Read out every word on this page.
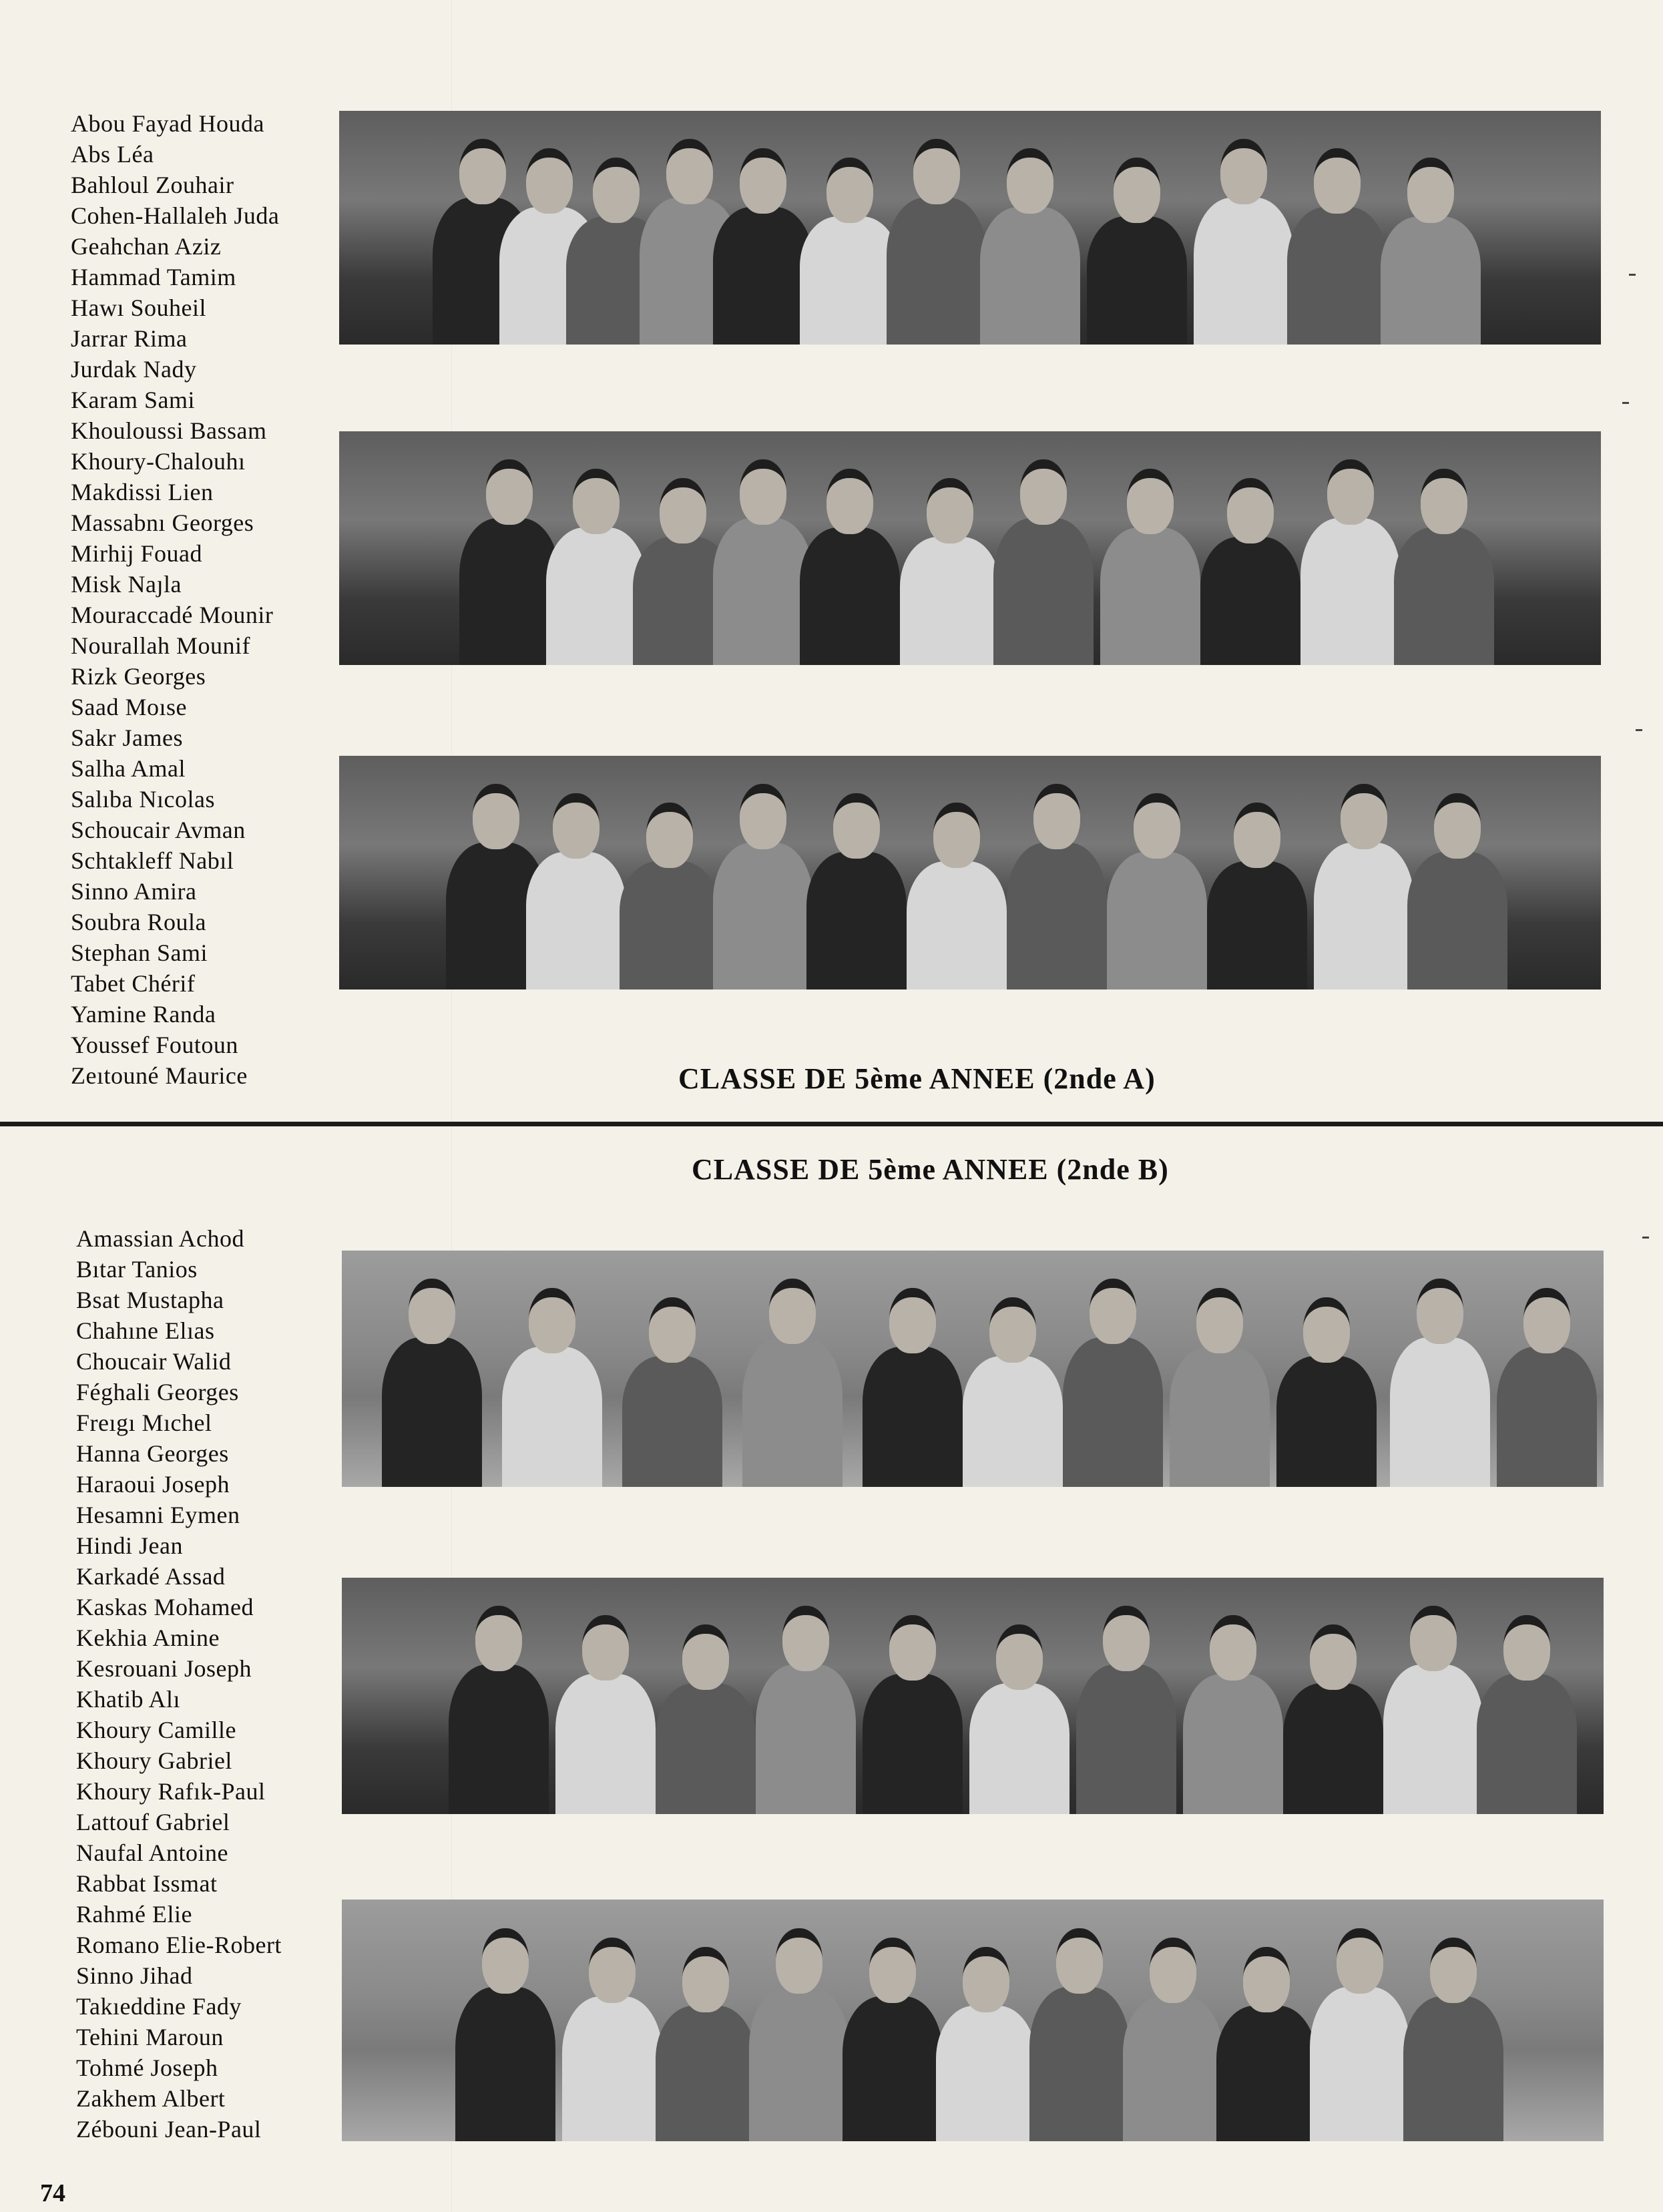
Abou Fayad Houda
Abs Léa
Bahloul Zouhair
Cohen-Hallaleh Juda
Geahchan Aziz
Hammad Tamim
Hawı Souheil
Jarrar Rima
Jurdak Nady
Karam Sami
Khouloussi Bassam
Khoury-Chalouhı
Makdissi Lien
Massabnı Georges
Mirhij Fouad
Misk Naȷla
Mouraccadé Mounir
Nourallah Mounif
Rizk Georges
Saad Moıse
Sakr James
Salha Amal
Salıba Nıcolas
Schoucair Avman
Schtakleff Nabıl
Sinno Amira
Soubra Roula
Stephan Sami
Tabet Chérif
Yamine Randa
Youssef Foutoun
Zeıtouné Maurice	CLASSE DE 5ème ANNEE (2nde A)
CLASSE DE 5ème ANNEE (2nde B)
Amassian Achod
Bıtar Tanios
Bsat Mustapha
Chahıne Elıas
Choucair Walid
Féghali Georges
Freıgı Mıchel
Hanna Georges
Haraoui Joseph
Hesamni Eymen
Hindi Jean
Karkadé Assad
Kaskas Mohamed
Kekhia Amine
Kesrouani Joseph
Khatib Alı
Khoury Camille
Khoury Gabriel
Khoury Rafık-Paul
Lattouf Gabriel
Naufal Antoine
Rabbat Issmat
Rahmé Elie
Romano Elie-Robert
Sinno Jihad
Takıeddine Fady
Tehini Maroun
Tohmé Joseph
Zakhem Albert
Zébouni Jean-Paul

74
